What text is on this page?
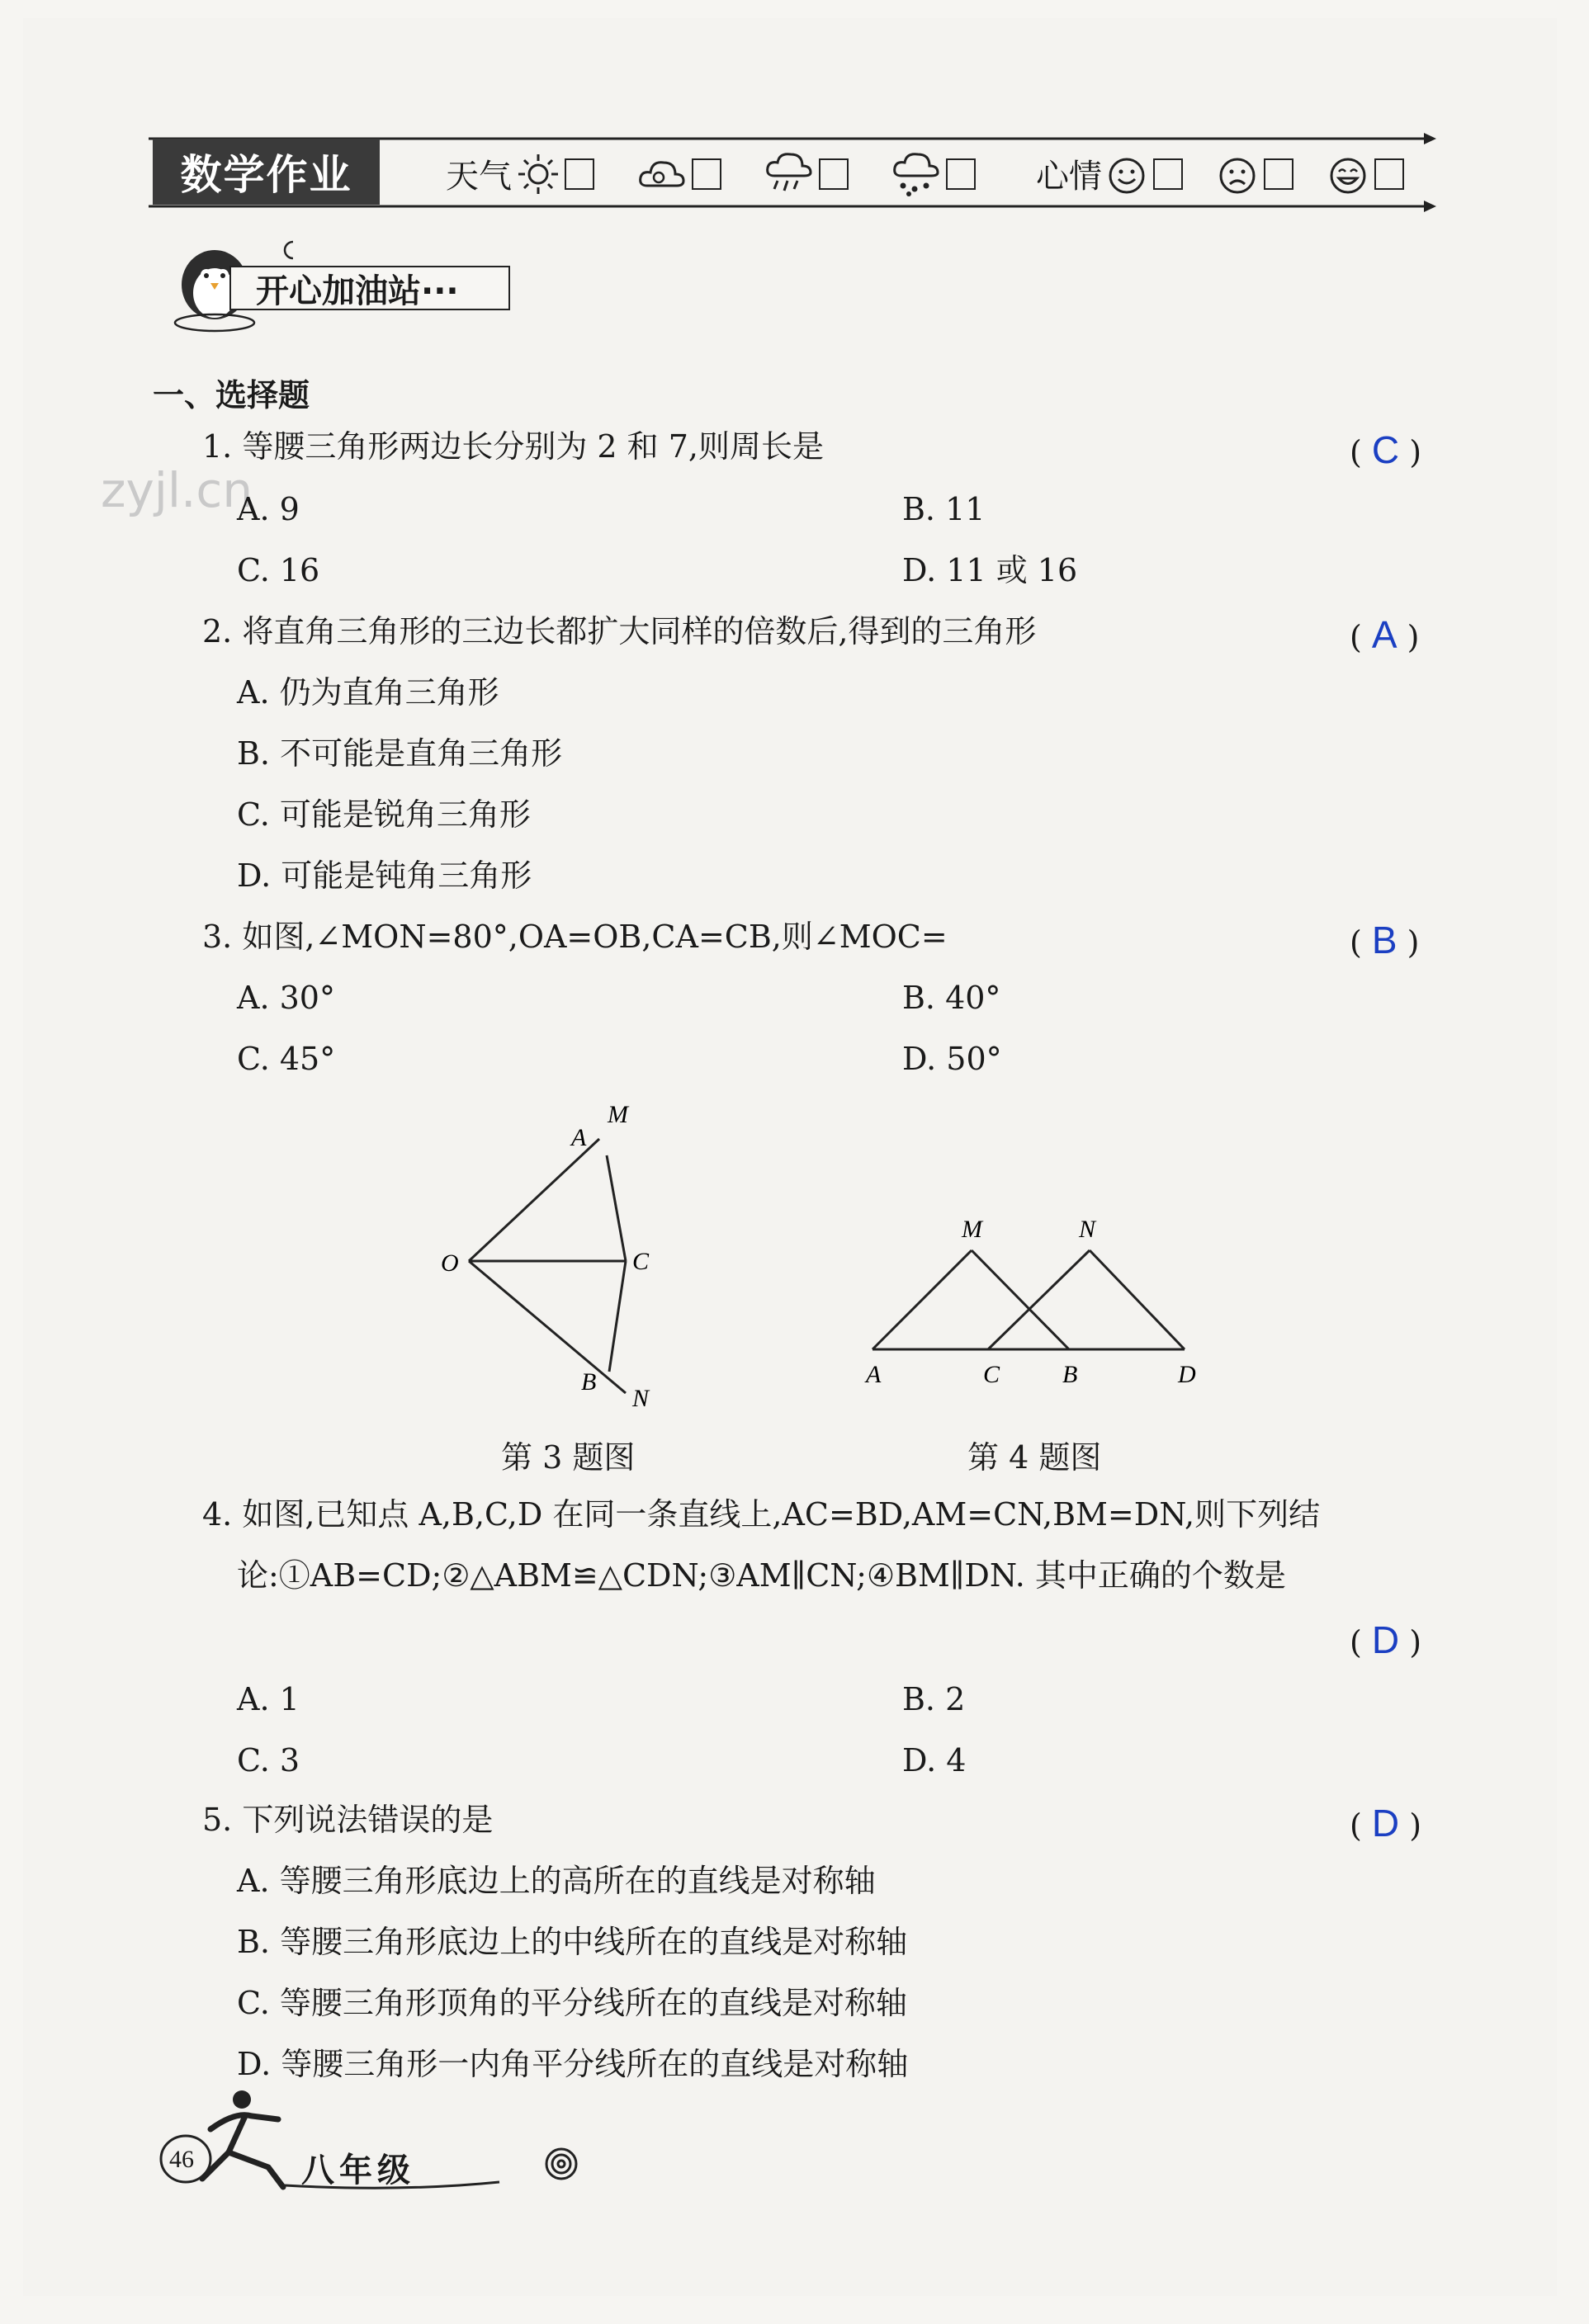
数学作业	天气	心情
开心加油站···
zyjl.cn
一、选择题
1. 等腰三角形两边长分别为 2 和 7,则周长是	( C )
A. 9	B. 11
C. 16	D. 11 或 16
2. 将直角三角形的三边长都扩大同样的倍数后,得到的三角形	( A )
A. 仍为直角三角形
B. 不可能是直角三角形
C. 可能是锐角三角形
D. 可能是钝角三角形
3. 如图,∠MON=80°,OA=OB,CA=CB,则∠MOC=	( B )
A. 30°	B. 40°
C. 45°	D. 50°
M
A
O	C
B
N
第 3 题图
M	N
A	C	B	D
第 4 题图
4. 如图,已知点 A,B,C,D 在同一条直线上,AC=BD,AM=CN,BM=DN,则下列结
论:①AB=CD;②△ABM≌△CDN;③AM∥CN;④BM∥DN. 其中正确的个数是
( D )
A. 1	B. 2
C. 3	D. 4
5. 下列说法错误的是	( D )
A. 等腰三角形底边上的高所在的直线是对称轴
B. 等腰三角形底边上的中线所在的直线是对称轴
C. 等腰三角形顶角的平分线所在的直线是对称轴
D. 等腰三角形一内角平分线所在的直线是对称轴
46	八年级
